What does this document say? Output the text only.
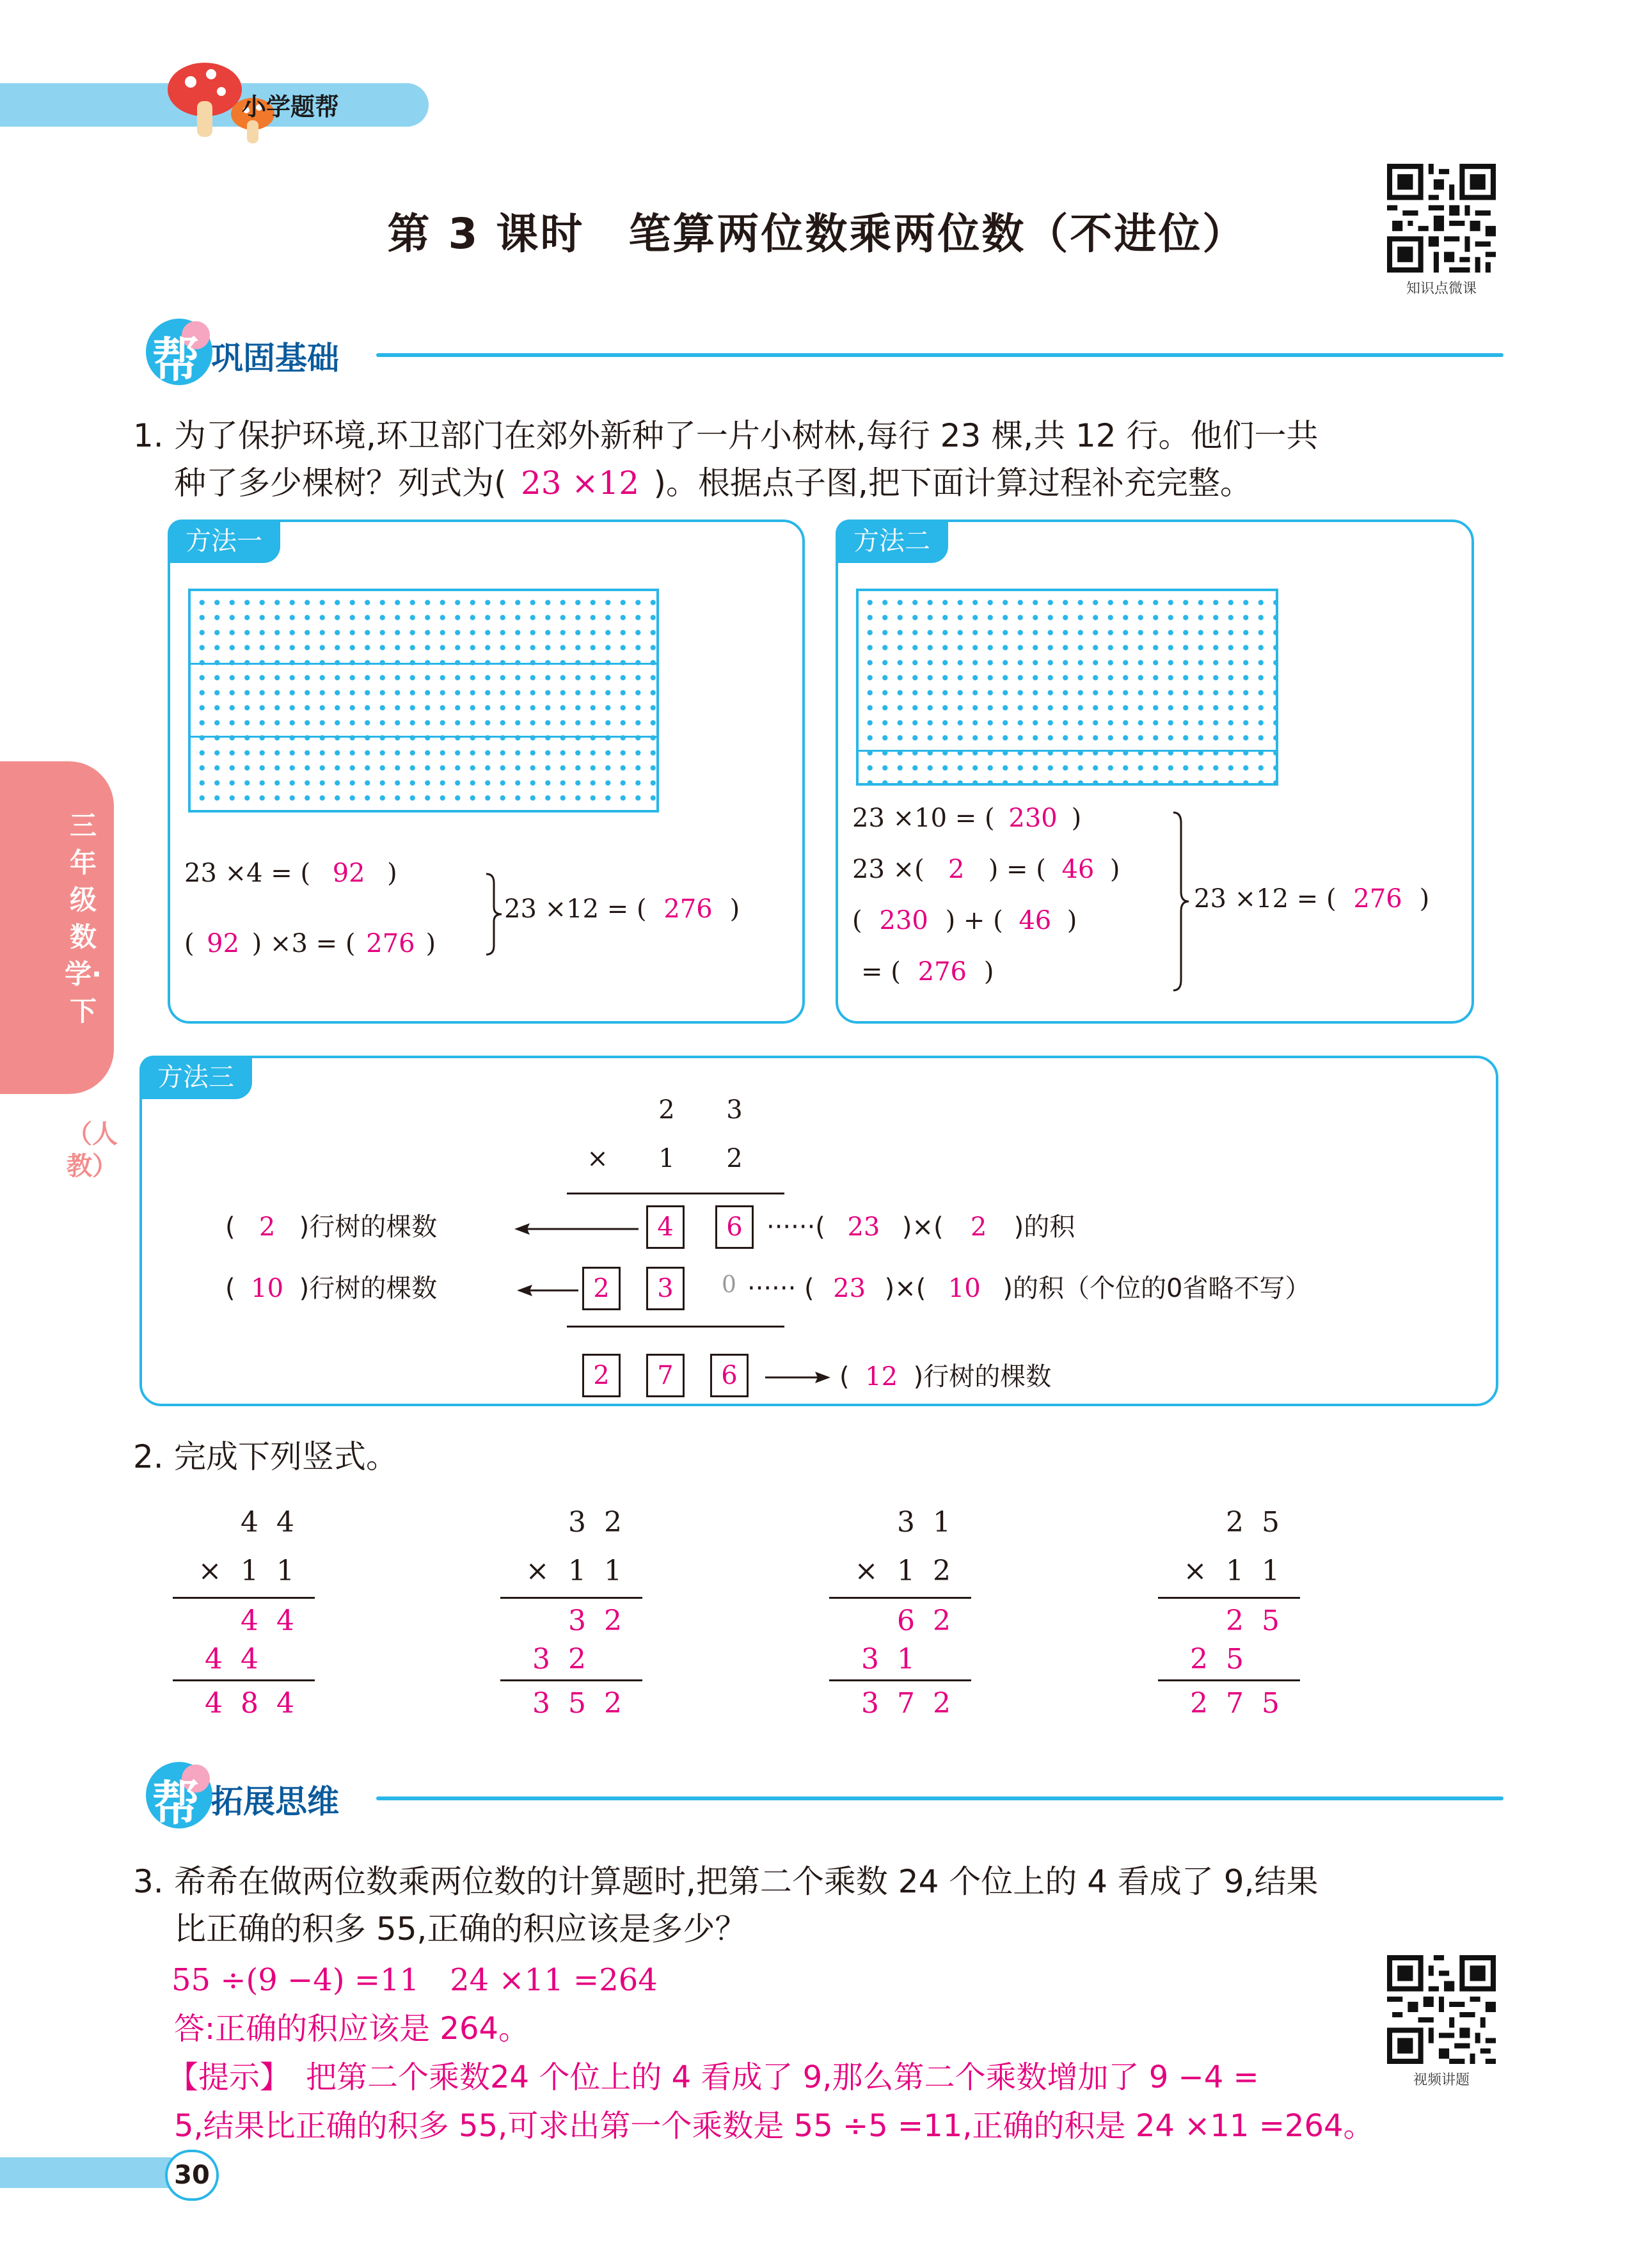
小学题帮
第 3 课时　笔算两位数乘两位数（不进位）
知识点微课
帮 巩固基础
三年级数学·下
（人教）
1. 为了保护环境,环卫部门在郊外新种了一片小树林,每行 23 棵,共 12 行。他们一共
种了多少棵树？列式为( 23 ×12 )。根据点子图,把下面计算过程补充完整。
方法一
23 ×4 = ( 92 )
( 92 ) ×3 = ( 276 )
23 ×12 = ( 276 )
方法二
23 ×10 = ( 230 )
23 ×( 2 ) = ( 46 )
( 230 ) + ( 46 )
= ( 276 )
23 ×12 = ( 276 )
方法三
2 3
× 1 2
( 2 )行树的棵数	4	6 ······( 23 )×( 2 )的积
( 10 )行树的棵数	2	3	0 ······ ( 23 )×( 10 )的积（个位的0省略不写）
2	7	6	( 12 )行树的棵数
2. 完成下列竖式。
4 4
× 1 1
4 4
4 4
4 8 4
3 2
× 1 1
3 2
3 2
3 5 2
3 1
× 1 2
6 2
3 1
3 7 2
2 5
× 1 1
2 5
2 5
2 7 5
帮 拓展思维
3. 希希在做两位数乘两位数的计算题时,把第二个乘数 24 个位上的 4 看成了 9,结果
比正确的积多 55,正确的积应该是多少？
55 ÷(9 −4) =11　24 ×11 =264
答:正确的积应该是 264。
【提示】 把第二个乘数24 个位上的 4 看成了 9,那么第二个乘数增加了 9 −4 =
5,结果比正确的积多 55,可求出第一个乘数是 55 ÷5 =11,正确的积是 24 ×11 =264。
视频讲题
30
